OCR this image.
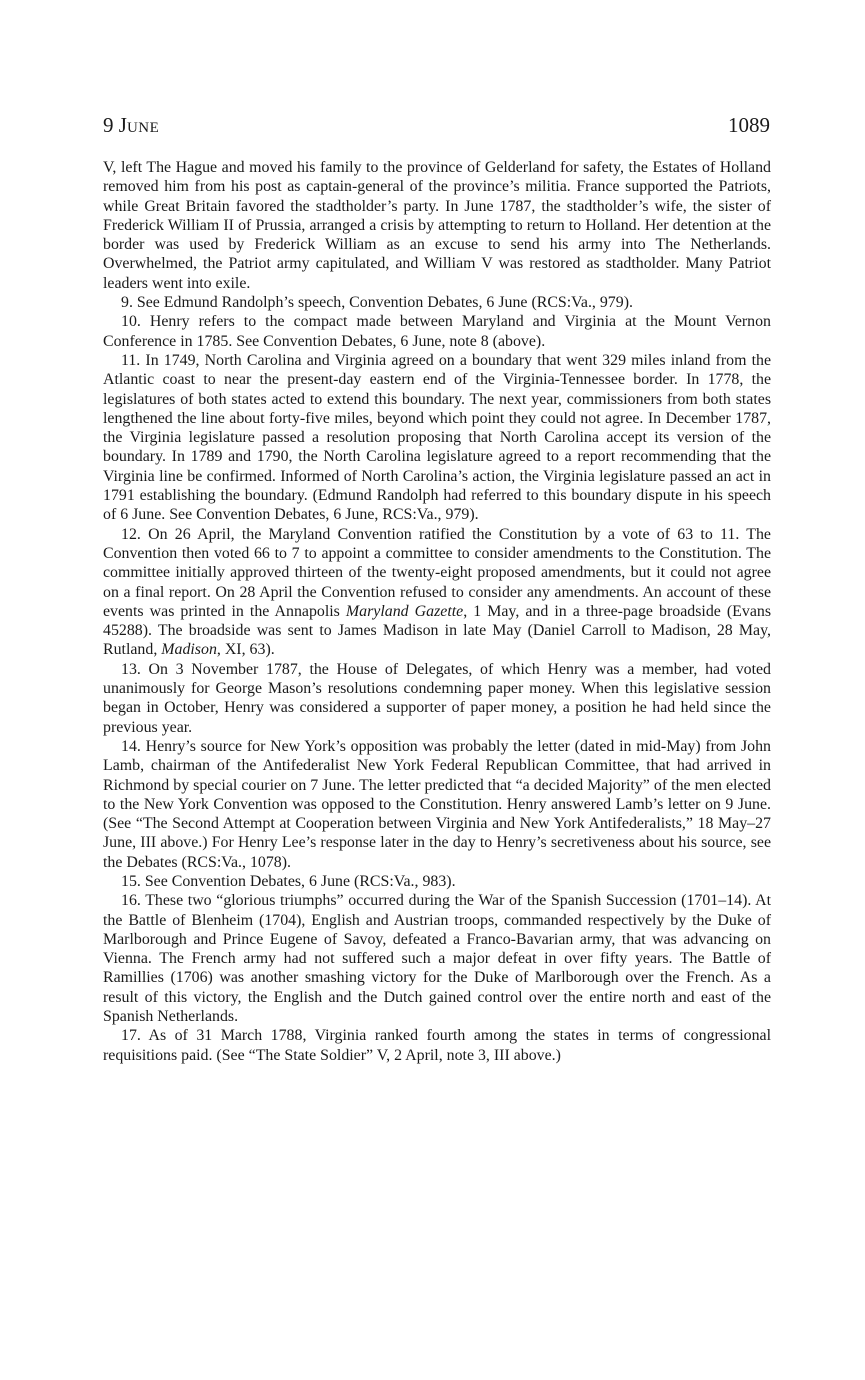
9 JUNE	1089

V, left The Hague and moved his family to the province of Gelderland for safety, the Estates of Holland removed him from his post as captain-general of the province’s militia. France supported the Patriots, while Great Britain favored the stadtholder’s party. In June 1787, the stadtholder’s wife, the sister of Frederick William II of Prussia, arranged a crisis by attempting to return to Holland. Her detention at the border was used by Frederick William as an excuse to send his army into The Netherlands. Overwhelmed, the Patriot army capitulated, and William V was restored as stadtholder. Many Patriot leaders went into exile.

9. See Edmund Randolph’s speech, Convention Debates, 6 June (RCS:Va., 979).

10. Henry refers to the compact made between Maryland and Virginia at the Mount Vernon Conference in 1785. See Convention Debates, 6 June, note 8 (above).

11. In 1749, North Carolina and Virginia agreed on a boundary that went 329 miles inland from the Atlantic coast to near the present-day eastern end of the Virginia-Tennessee border. In 1778, the legislatures of both states acted to extend this boundary. The next year, commissioners from both states lengthened the line about forty-five miles, beyond which point they could not agree. In December 1787, the Virginia legislature passed a resolution proposing that North Carolina accept its version of the boundary. In 1789 and 1790, the North Carolina legislature agreed to a report recommending that the Virginia line be confirmed. Informed of North Carolina’s action, the Virginia legislature passed an act in 1791 establishing the boundary. (Edmund Randolph had referred to this boundary dispute in his speech of 6 June. See Convention Debates, 6 June, RCS:Va., 979).

12. On 26 April, the Maryland Convention ratified the Constitution by a vote of 63 to 11. The Convention then voted 66 to 7 to appoint a committee to consider amendments to the Constitution. The committee initially approved thirteen of the twenty-eight proposed amendments, but it could not agree on a final report. On 28 April the Convention refused to consider any amendments. An account of these events was printed in the Annapolis Maryland Gazette, 1 May, and in a three-page broadside (Evans 45288). The broadside was sent to James Madison in late May (Daniel Carroll to Madison, 28 May, Rutland, Madison, XI, 63).

13. On 3 November 1787, the House of Delegates, of which Henry was a member, had voted unanimously for George Mason’s resolutions condemning paper money. When this legislative session began in October, Henry was considered a supporter of paper money, a position he had held since the previous year.

14. Henry’s source for New York’s opposition was probably the letter (dated in mid-May) from John Lamb, chairman of the Antifederalist New York Federal Republican Committee, that had arrived in Richmond by special courier on 7 June. The letter predicted that “a decided Majority” of the men elected to the New York Convention was opposed to the Constitution. Henry answered Lamb’s letter on 9 June. (See “The Second Attempt at Cooperation between Virginia and New York Antifederalists,” 18 May–27 June, III above.) For Henry Lee’s response later in the day to Henry’s secretiveness about his source, see the Debates (RCS:Va., 1078).

15. See Convention Debates, 6 June (RCS:Va., 983).

16. These two “glorious triumphs” occurred during the War of the Spanish Succession (1701–14). At the Battle of Blenheim (1704), English and Austrian troops, commanded respectively by the Duke of Marlborough and Prince Eugene of Savoy, defeated a Franco-Bavarian army, that was advancing on Vienna. The French army had not suffered such a major defeat in over fifty years. The Battle of Ramillies (1706) was another smashing victory for the Duke of Marlborough over the French. As a result of this victory, the English and the Dutch gained control over the entire north and east of the Spanish Netherlands.

17. As of 31 March 1788, Virginia ranked fourth among the states in terms of congressional requisitions paid. (See “The State Soldier” V, 2 April, note 3, III above.)
